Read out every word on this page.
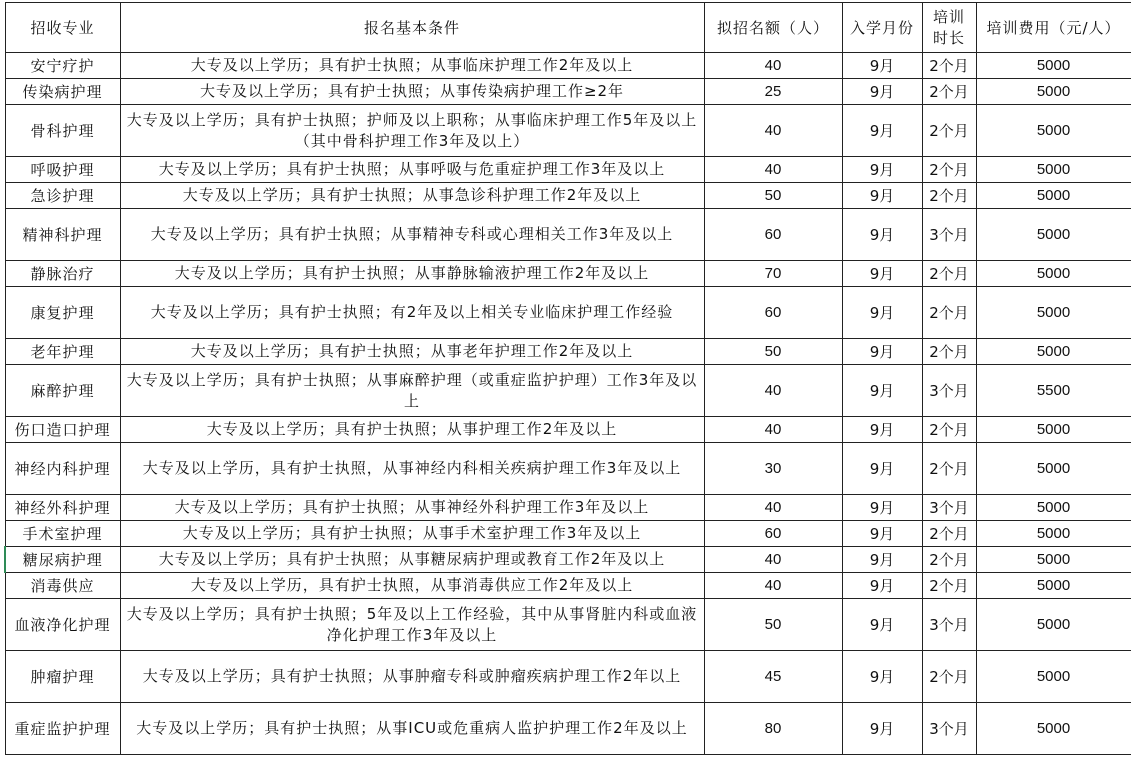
招收专业	报名基本条件	拟招名额（人）	入学月份	培训时长	培训费用（元/人）
安宁疗护	大专及以上学历；具有护士执照；从事临床护理工作2年及以上	40	9月	2个月	5000
传染病护理	大专及以上学历；具有护士执照；从事传染病护理工作≥2年	25	9月	2个月	5000
骨科护理	大专及以上学历；具有护士执照；护师及以上职称；从事临床护理工作5年及以上（其中骨科护理工作3年及以上）	40	9月	2个月	5000
呼吸护理	大专及以上学历；具有护士执照；从事呼吸与危重症护理工作3年及以上	40	9月	2个月	5000
急诊护理	大专及以上学历；具有护士执照；从事急诊科护理工作2年及以上	50	9月	2个月	5000
精神科护理	大专及以上学历；具有护士执照；从事精神专科或心理相关工作3年及以上	60	9月	3个月	5000
静脉治疗	大专及以上学历；具有护士执照；从事静脉输液护理工作2年及以上	70	9月	2个月	5000
康复护理	大专及以上学历；具有护士执照；有2年及以上相关专业临床护理工作经验	60	9月	2个月	5000
老年护理	大专及以上学历；具有护士执照；从事老年护理工作2年及以上	50	9月	2个月	5000
麻醉护理	大专及以上学历；具有护士执照；从事麻醉护理（或重症监护护理）工作3年及以上	40	9月	3个月	5500
伤口造口护理	大专及以上学历；具有护士执照；从事护理工作2年及以上	40	9月	2个月	5000
神经内科护理	大专及以上学历，具有护士执照，从事神经内科相关疾病护理工作3年及以上	30	9月	2个月	5000
神经外科护理	大专及以上学历；具有护士执照；从事神经外科护理工作3年及以上	40	9月	3个月	5000
手术室护理	大专及以上学历；具有护士执照；从事手术室护理工作3年及以上	60	9月	2个月	5000
糖尿病护理	大专及以上学历；具有护士执照；从事糖尿病护理或教育工作2年及以上	40	9月	2个月	5000
消毒供应	大专及以上学历，具有护士执照，从事消毒供应工作2年及以上	40	9月	2个月	5000
血液净化护理	大专及以上学历；具有护士执照；5年及以上工作经验，其中从事肾脏内科或血液净化护理工作3年及以上	50	9月	3个月	5000
肿瘤护理	大专及以上学历；具有护士执照；从事肿瘤专科或肿瘤疾病护理工作2年以上	45	9月	2个月	5000
重症监护护理	大专及以上学历；具有护士执照；从事ICU或危重病人监护护理工作2年及以上	80	9月	3个月	5000
